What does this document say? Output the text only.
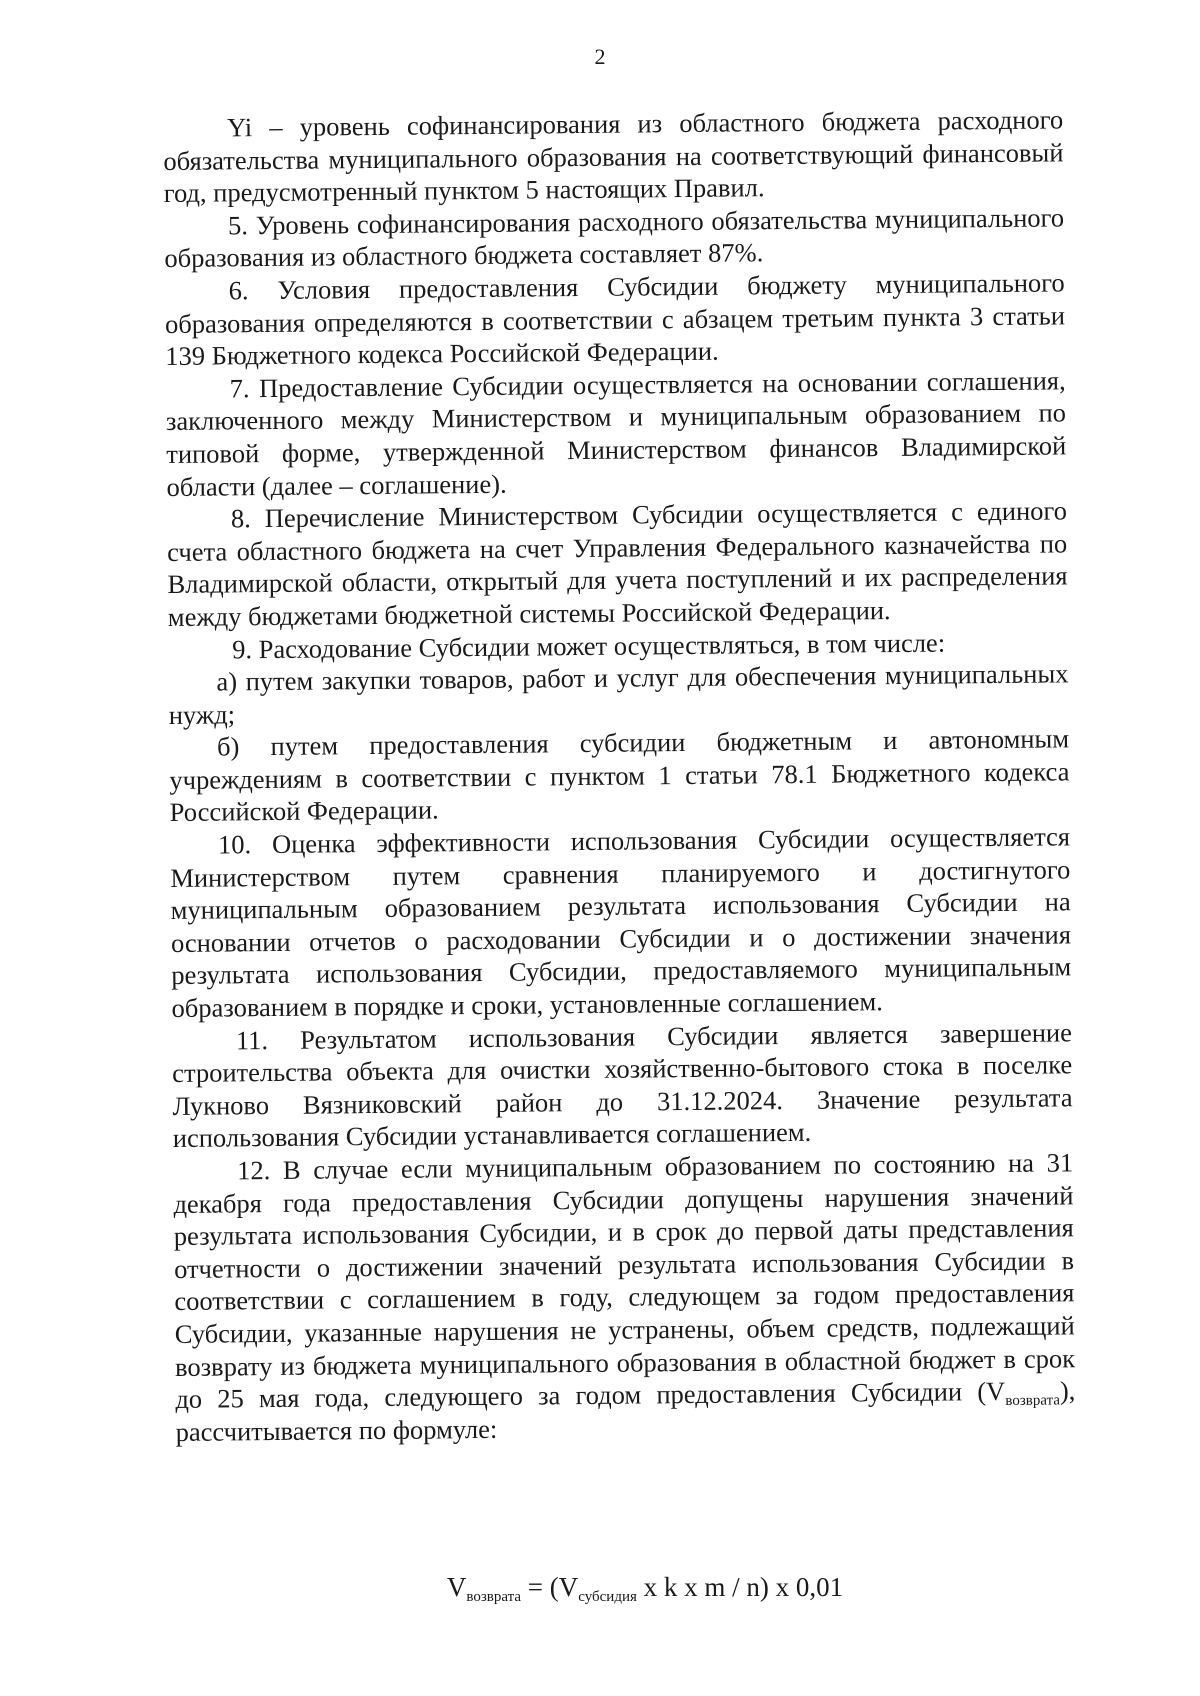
2

Yi – уровень софинансирования из областного бюджета расходного обязательства муниципального образования на соответствующий финансовый год, предусмотренный пунктом 5 настоящих Правил.

5. Уровень софинансирования расходного обязательства муниципального образования из областного бюджета составляет 87%.

6. Условия предоставления Субсидии бюджету муниципального образования определяются в соответствии с абзацем третьим пункта 3 статьи 139 Бюджетного кодекса Российской Федерации.

7. Предоставление Субсидии осуществляется на основании соглашения, заключенного между Министерством и муниципальным образованием по типовой форме, утвержденной Министерством финансов Владимирской области (далее – соглашение).

8. Перечисление Министерством Субсидии осуществляется с единого счета областного бюджета на счет Управления Федерального казначейства по Владимирской области, открытый для учета поступлений и их распределения между бюджетами бюджетной системы Российской Федерации.

9. Расходование Субсидии может осуществляться, в том числе:

а) путем закупки товаров, работ и услуг для обеспечения муниципальных нужд;

б) путем предоставления субсидии бюджетным и автономным учреждениям в соответствии с пунктом 1 статьи 78.1 Бюджетного кодекса Российской Федерации.

10. Оценка эффективности использования Субсидии осуществляется Министерством путем сравнения планируемого и достигнутого муниципальным образованием результата использования Субсидии на основании отчетов о расходовании Субсидии и о достижении значения результата использования Субсидии, предоставляемого муниципальным образованием в порядке и сроки, установленные соглашением.

11. Результатом использования Субсидии является завершение строительства объекта для очистки хозяйственно-бытового стока в поселке Лукново Вязниковский район до 31.12.2024. Значение результата использования Субсидии устанавливается соглашением.

12. В случае если муниципальным образованием по состоянию на 31 декабря года предоставления Субсидии допущены нарушения значений результата использования Субсидии, и в срок до первой даты представления отчетности о достижении значений результата использования Субсидии в соответствии с соглашением в году, следующем за годом предоставления Субсидии, указанные нарушения не устранены, объем средств, подлежащий возврату из бюджета муниципального образования в областной бюджет в срок до 25 мая года, следующего за годом предоставления Субсидии $(V_{возврата})$, рассчитывается по формуле:

$V_{возврата} = (V_{субсидия}$ x k x m / n) x 0,01
